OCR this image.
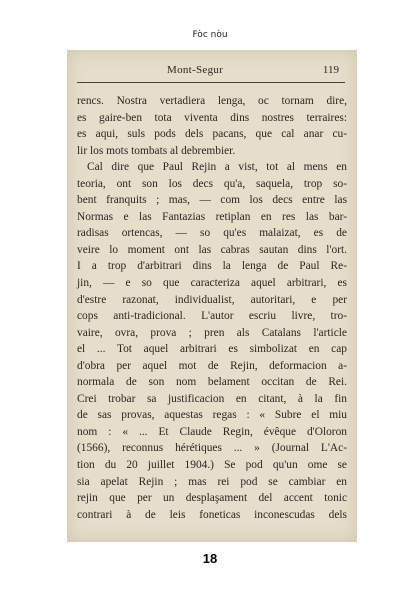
Fòc nòu
Mont-Segur	119
rencs. Nostra vertadiera lenga, oc tornam dire,
es gaire-ben tota viventa dins nostres terraires:
es aqui, suls pods dels pacans, que cal anar cu-
lir los mots tombats al debrembier.
Cal dire que Paul Rejin a vist, tot al mens en
teoria, ont son los decs qu'a, saquela, trop so-
bent franquits ; mas, — com los decs entre las
Normas e las Fantazias retiplan en res las bar-
radisas ortencas, — so qu'es malaizat, es de
veire lo moment ont las cabras sautan dins l'ort.
I a trop d'arbitrari dins la lenga de Paul Re-
jin, — e so que caracteriza aquel arbitrari, es
d'estre razonat, individualist, autoritari, e per
cops anti-tradicional. L'autor escriu livre, tro-
vaire, ovra, prova ; pren als Catalans l'article
el ... Tot aquel arbitrari es simbolizat en cap
d'obra per aquel mot de Rejin, deformacion a-
normala de son nom belament occitan de Rei.
Crei trobar sa justificacion en citant, à la fin
de sas provas, aquestas regas : « Subre el miu
nom : « ... Et Claude Regin, évêque d'Oloron
(1566), reconnus hérétiques ... » (Journal L'Ac-
tion du 20 juillet 1904.) Se pod qu'un ome se
sia apelat Rejin ; mas rei pod se cambiar en
rejin que per un desplaşament del accent tonic
contrari à de leis foneticas inconescudas dels
18
